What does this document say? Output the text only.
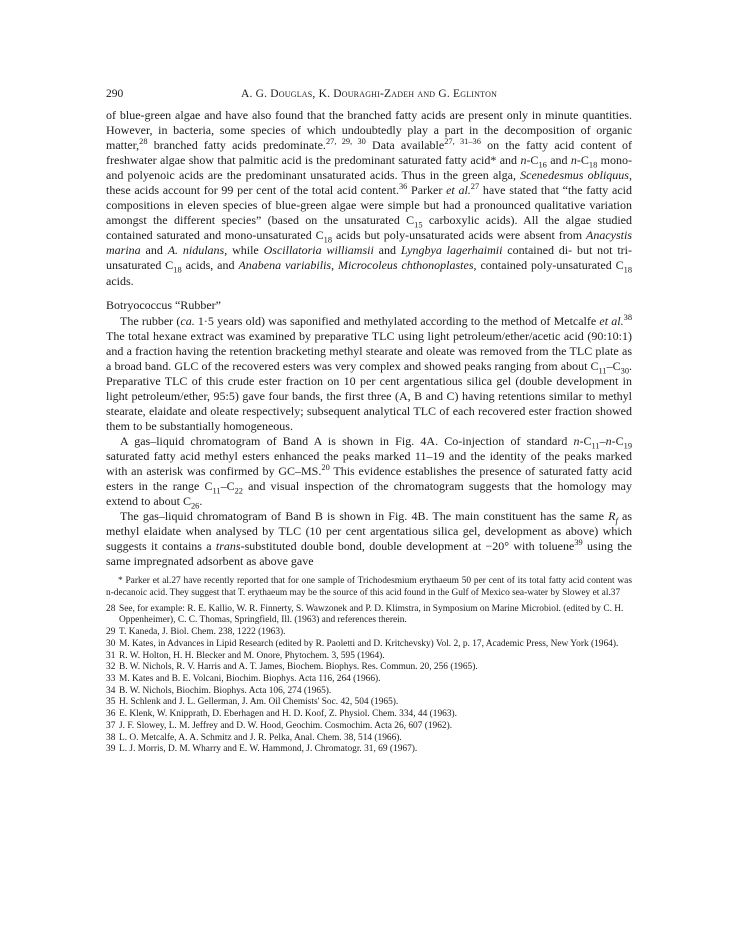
290	A. G. Douglas, K. Douraghi-Zadeh and G. Eglinton

of blue-green algae and have also found that the branched fatty acids are present only in minute quantities. However, in bacteria, some species of which undoubtedly play a part in the decomposition of organic matter,$^{28}$ branched fatty acids predominate.$^{27, 29, 30}$ Data available$^{27, 31-36}$ on the fatty acid content of freshwater algae show that palmitic acid is the predominant saturated fatty acid* and $n-C_{16}$ and $n-C_{18}$ mono- and polyenoic acids are the predominant unsaturated acids. Thus in the green alga, Scenedesmus obliquus, these acids account for 99 per cent of the total acid content.$^{36}$ Parker et al.$^{27}$ have stated that “the fatty acid compositions in eleven species of blue-green algae were simple but had a pronounced qualitative variation amongst the different species” (based on the unsaturated $C_{15}$ carboxylic acids). All the algae studied contained saturated and mono-unsaturated $C_{18}$ acids but poly-unsaturated acids were absent from Anacystis marina and A. nidulans, while Oscillatoria williamsii and Lyngbya lagerhaimii contained di- but not tri-unsaturated $C_{18}$ acids, and Anabena variabilis, Microcoleus chthonoplastes, contained poly-unsaturated $C_{18}$ acids.

Botryococcus “Rubber”

The rubber (ca. 1·5 years old) was saponified and methylated according to the method of Metcalfe et al.$^{38}$ The total hexane extract was examined by preparative TLC using light petroleum/ether/acetic acid (90:10:1) and a fraction having the retention bracketing methyl stearate and oleate was removed from the TLC plate as a broad band. GLC of the recovered esters was very complex and showed peaks ranging from about $C_{11}-C_{30}$. Preparative TLC of this crude ester fraction on 10 per cent argentatious silica gel (double development in light petroleum/ether, 95:5) gave four bands, the first three (A, B and C) having retentions similar to methyl stearate, elaidate and oleate respectively; subsequent analytical TLC of each recovered ester fraction showed them to be substantially homogeneous.

A gas–liquid chromatogram of Band A is shown in Fig. 4A. Co-injection of standard $n-C_{11}-n-C_{19}$ saturated fatty acid methyl esters enhanced the peaks marked 11–19 and the identity of the peaks marked with an asterisk was confirmed by GC–MS.$^{20}$ This evidence establishes the presence of saturated fatty acid esters in the range $C_{11}-C_{22}$ and visual inspection of the chromatogram suggests that the homology may extend to about $C_{26}$.

The gas–liquid chromatogram of Band B is shown in Fig. 4B. The main constituent has the same $R_f$ as methyl elaidate when analysed by TLC (10 per cent argentatious silica gel, development as above) which suggests it contains a trans-substituted double bond, double development at −20° with toluene$^{39}$ using the same impregnated adsorbent as above gave

* Parker et al.27 have recently reported that for one sample of Trichodesmium erythaeum 50 per cent of its total fatty acid content was n-decanoic acid. They suggest that T. erythaeum may be the source of this acid found in the Gulf of Mexico sea-water by Slowey et al.37

28 See, for example: R. E. Kallio, W. R. Finnerty, S. Wawzonek and P. D. Klimstra, in Symposium on Marine Microbiol. (edited by C. H. Oppenheimer), C. C. Thomas, Springfield, Ill. (1963) and references therein.
29 T. Kaneda, J. Biol. Chem. 238, 1222 (1963).
30 M. Kates, in Advances in Lipid Research (edited by R. Paoletti and D. Kritchevsky) Vol. 2, p. 17, Academic Press, New York (1964).
31 R. W. Holton, H. H. Blecker and M. Onore, Phytochem. 3, 595 (1964).
32 B. W. Nichols, R. V. Harris and A. T. James, Biochem. Biophys. Res. Commun. 20, 256 (1965).
33 M. Kates and B. E. Volcani, Biochim. Biophys. Acta 116, 264 (1966).
34 B. W. Nichols, Biochim. Biophys. Acta 106, 274 (1965).
35 H. Schlenk and J. L. Gellerman, J. Am. Oil Chemists' Soc. 42, 504 (1965).
36 E. Klenk, W. Knipprath, D. Eberhagen and H. D. Koof, Z. Physiol. Chem. 334, 44 (1963).
37 J. F. Slowey, L. M. Jeffrey and D. W. Hood, Geochim. Cosmochim. Acta 26, 607 (1962).
38 L. O. Metcalfe, A. A. Schmitz and J. R. Pelka, Anal. Chem. 38, 514 (1966).
39 L. J. Morris, D. M. Wharry and E. W. Hammond, J. Chromatogr. 31, 69 (1967).
